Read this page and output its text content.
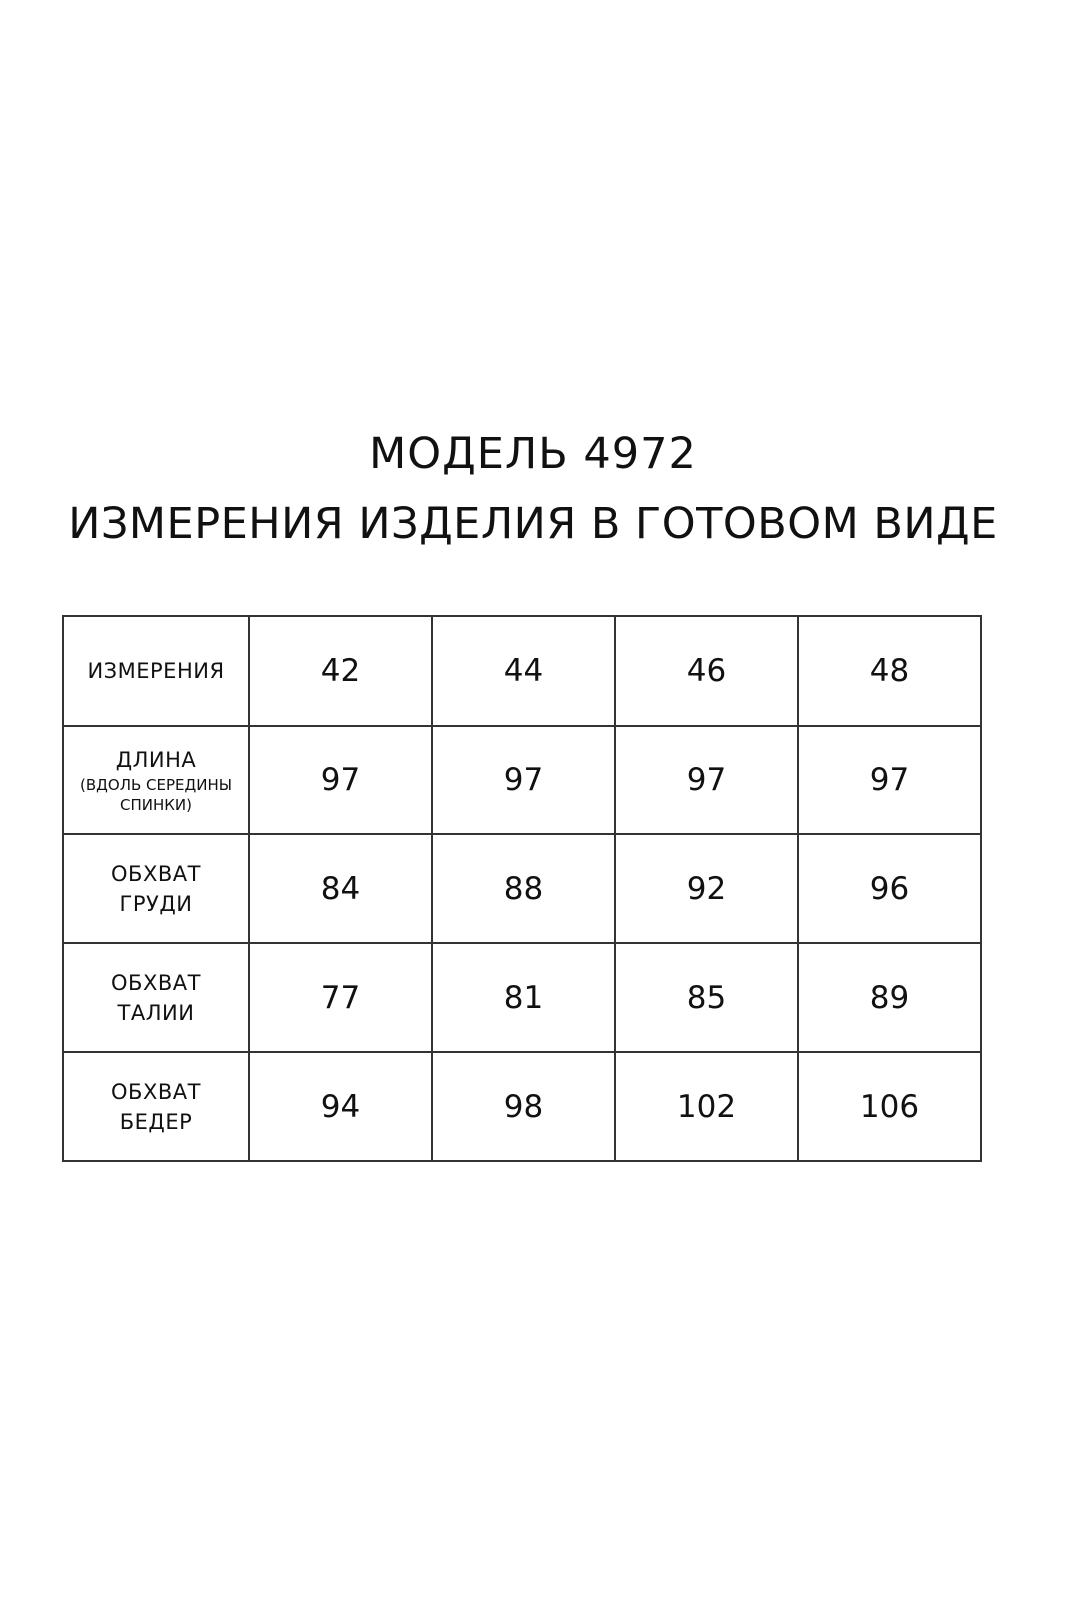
МОДЕЛЬ 4972
ИЗМЕРЕНИЯ ИЗДЕЛИЯ В ГОТОВОМ ВИДЕ
ИЗМЕРЕНИЯ	42	44	46	48

ДЛИНА
(ВДОЛЬ СЕРЕДИНЫ
СПИНКИ)	97	97	97	97

ОБХВАТ
ГРУДИ	84	88	92	96

ОБХВАТ
ТАЛИИ	77	81	85	89

ОБХВАТ
БЕДЕР	94	98	102	106
